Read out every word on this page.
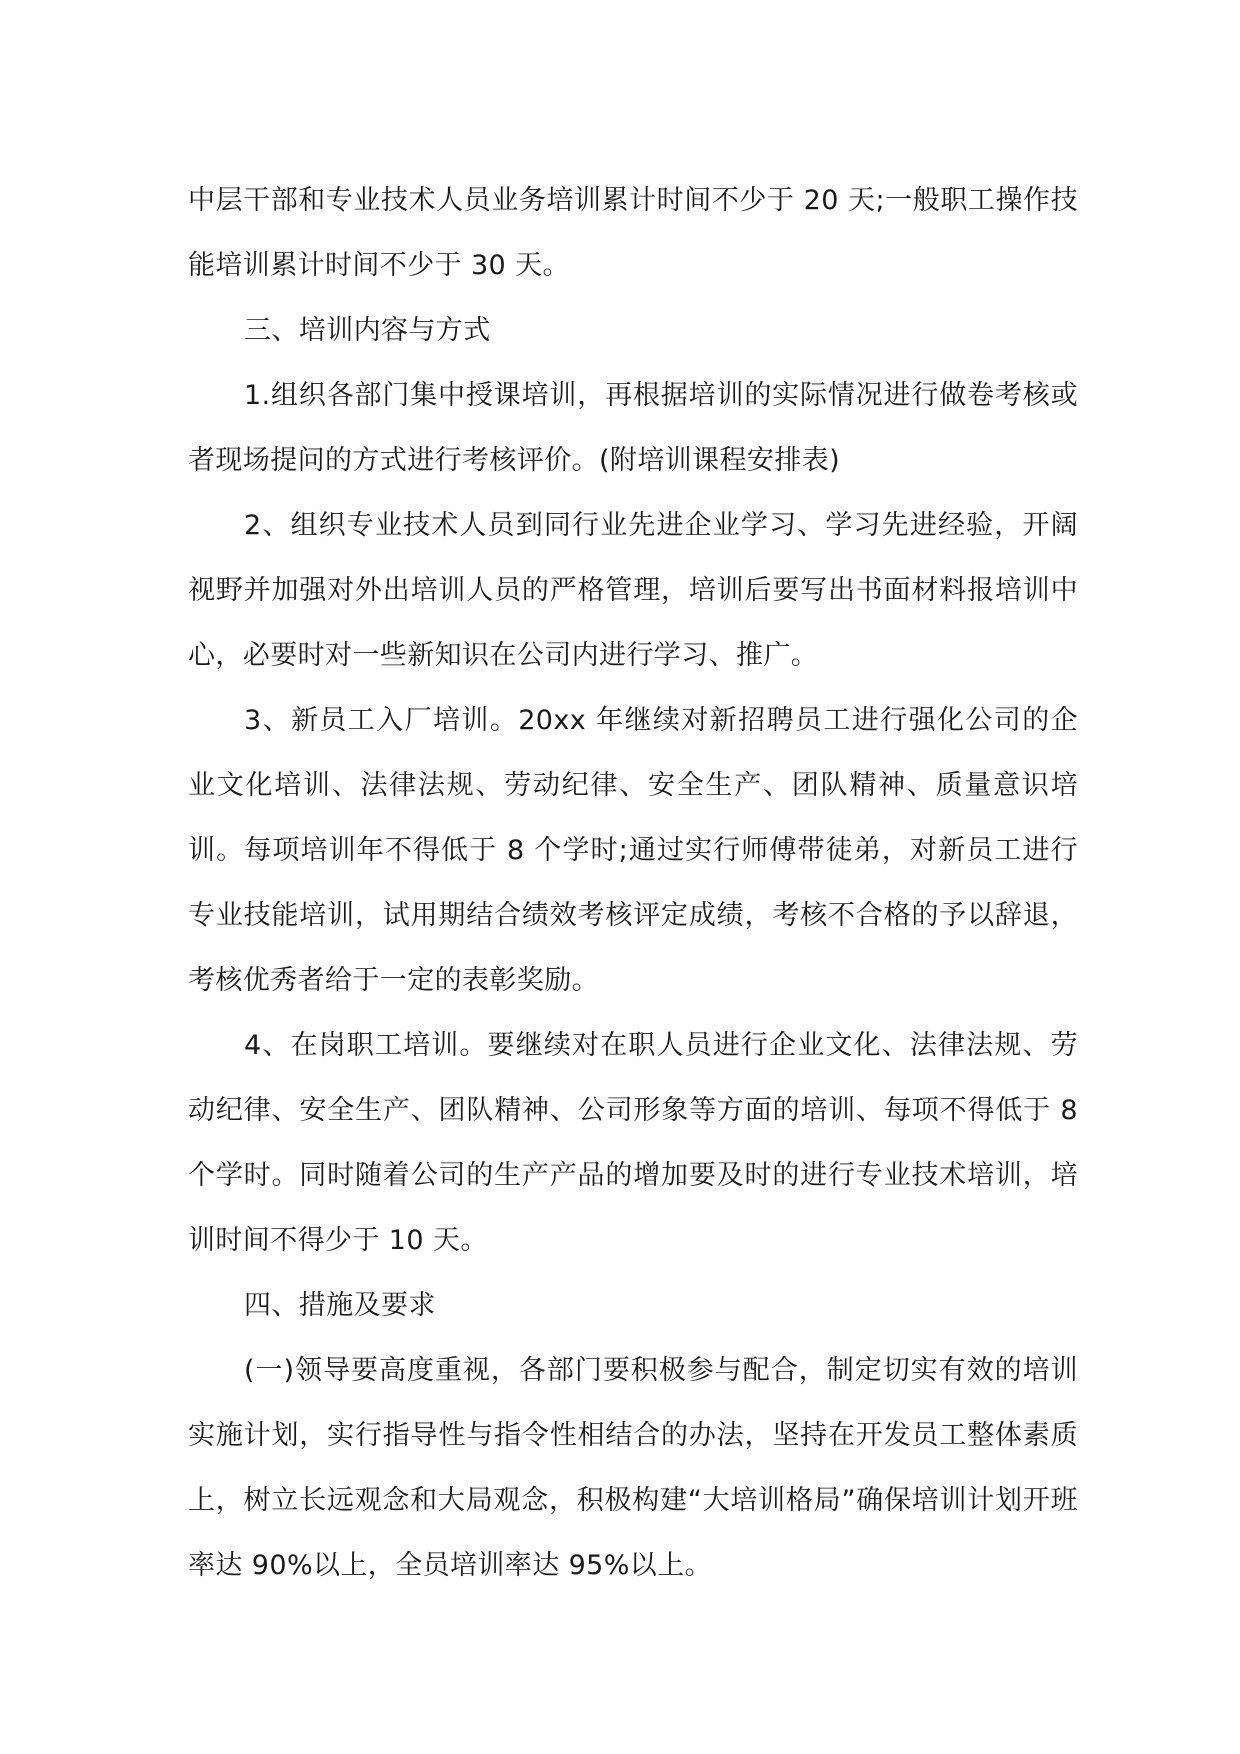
中层干部和专业技术人员业务培训累计时间不少于 20 天;一般职工操作技能培训累计时间不少于 30 天。

三、培训内容与方式

1.组织各部门集中授课培训，再根据培训的实际情况进行做卷考核或者现场提问的方式进行考核评价。(附培训课程安排表)

2、组织专业技术人员到同行业先进企业学习、学习先进经验，开阔视野并加强对外出培训人员的严格管理，培训后要写出书面材料报培训中心，必要时对一些新知识在公司内进行学习、推广。

3、新员工入厂培训。20xx 年继续对新招聘员工进行强化公司的企业文化培训、法律法规、劳动纪律、安全生产、团队精神、质量意识培训。每项培训年不得低于 8 个学时;通过实行师傅带徒弟，对新员工进行专业技能培训，试用期结合绩效考核评定成绩，考核不合格的予以辞退，考核优秀者给于一定的表彰奖励。

4、在岗职工培训。要继续对在职人员进行企业文化、法律法规、劳动纪律、安全生产、团队精神、公司形象等方面的培训、每项不得低于 8 个学时。同时随着公司的生产产品的增加要及时的进行专业技术培训，培训时间不得少于 10 天。

四、措施及要求

(一)领导要高度重视，各部门要积极参与配合，制定切实有效的培训实施计划，实行指导性与指令性相结合的办法，坚持在开发员工整体素质上，树立长远观念和大局观念，积极构建“大培训格局”确保培训计划开班率达 90%以上，全员培训率达 95%以上。
